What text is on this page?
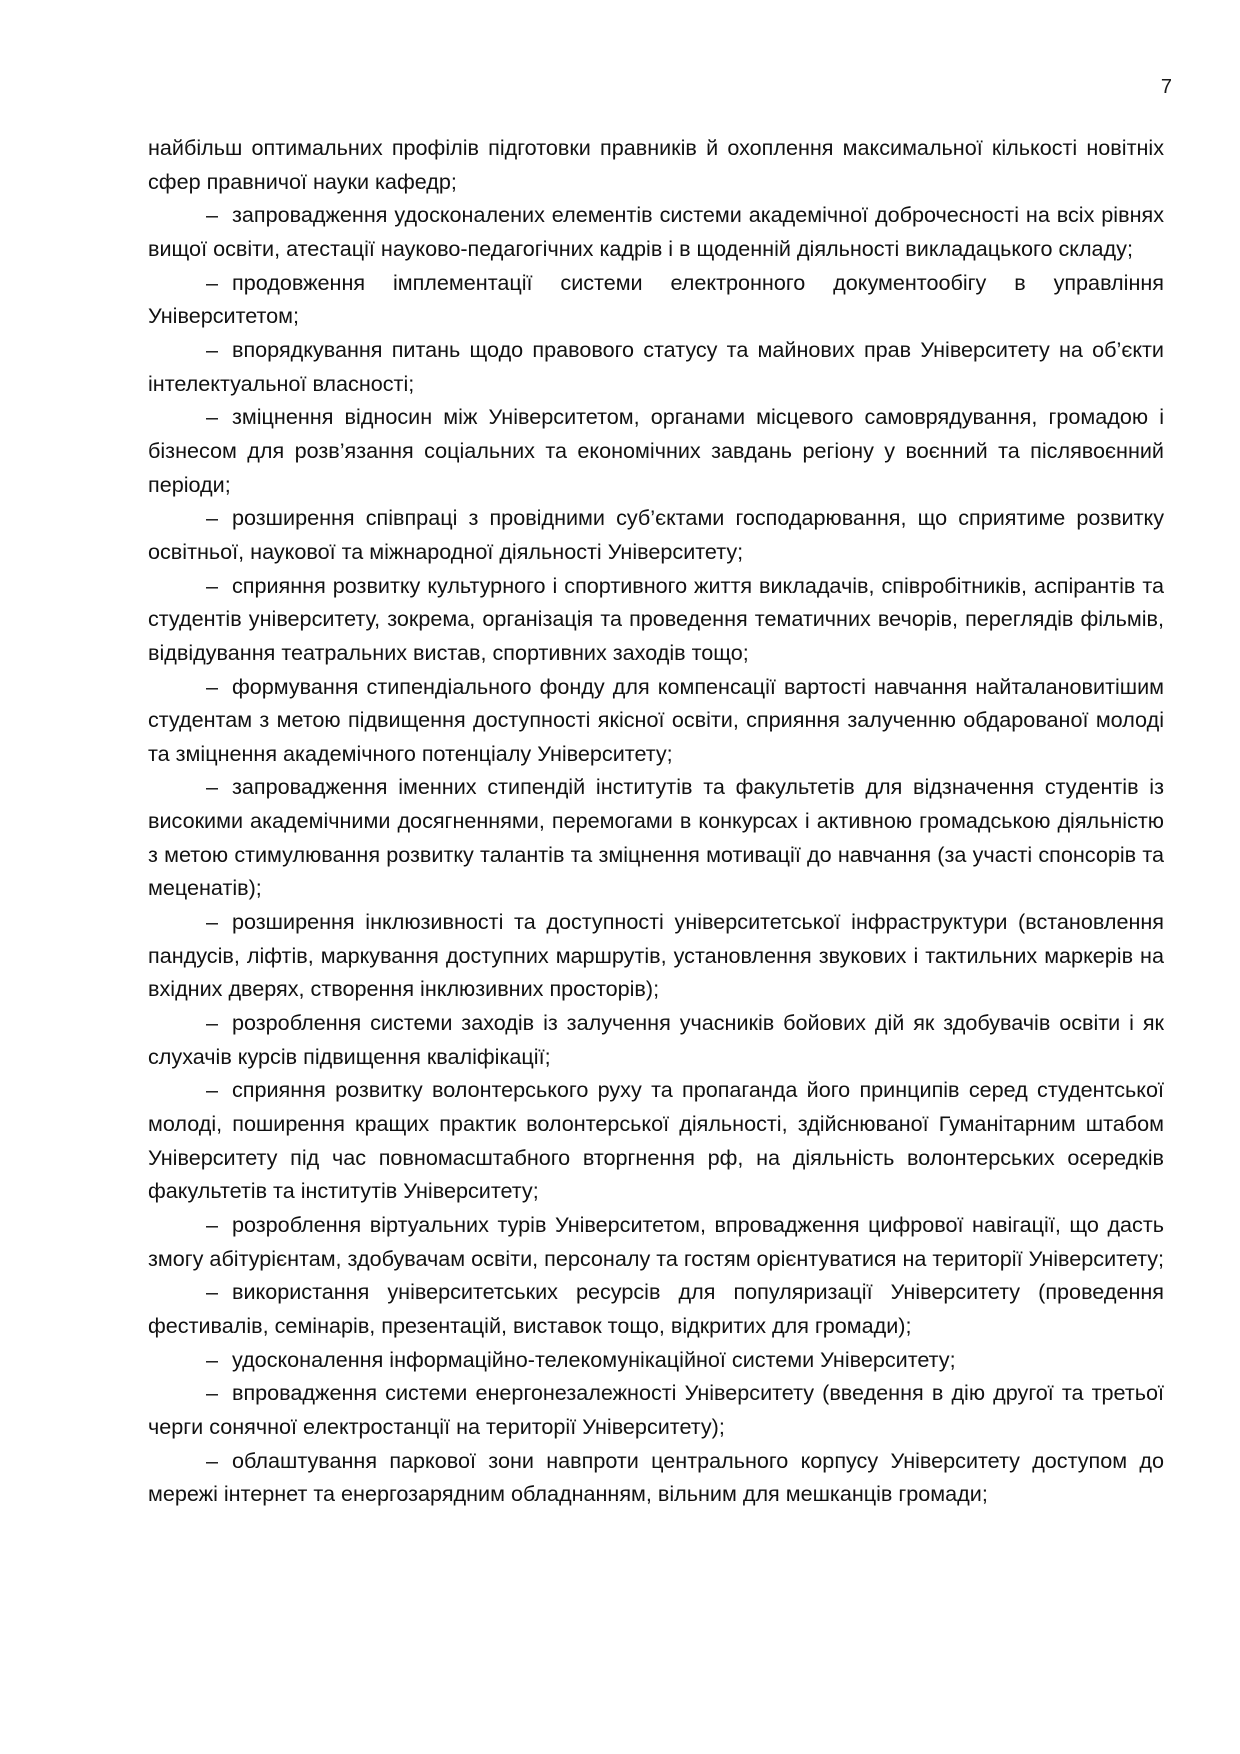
7

найбільш оптимальних профілів підготовки правників й охоплення максимальної кількості новітніх сфер правничої науки кафедр;

– запровадження удосконалених елементів системи академічної доброчесності на всіх рівнях вищої освіти, атестації науково-педагогічних кадрів і в щоденній діяльності викладацького складу;

– продовження імплементації системи електронного документообігу в управління Університетом;

– впорядкування питань щодо правового статусу та майнових прав Університету на об’єкти інтелектуальної власності;

– зміцнення відносин між Університетом, органами місцевого самоврядування, громадою і бізнесом для розв’язання соціальних та економічних завдань регіону у воєнний та післявоєнний періоди;

– розширення співпраці з провідними суб’єктами господарювання, що сприятиме розвитку освітньої, наукової та міжнародної діяльності Університету;

– сприяння розвитку культурного і спортивного життя викладачів, співробітників, аспірантів та студентів університету, зокрема, організація та проведення тематичних вечорів, переглядів фільмів, відвідування театральних вистав, спортивних заходів тощо;

– формування стипендіального фонду для компенсації вартості навчання найталановитішим студентам з метою підвищення доступності якісної освіти, сприяння залученню обдарованої молоді та зміцнення академічного потенціалу Університету;

– запровадження іменних стипендій інститутів та факультетів для відзначення студентів із високими академічними досягненнями, перемогами в конкурсах і активною громадською діяльністю з метою стимулювання розвитку талантів та зміцнення мотивації до навчання (за участі спонсорів та меценатів);

– розширення інклюзивності та доступності університетської інфраструктури (встановлення пандусів, ліфтів, маркування доступних маршрутів, установлення звукових і тактильних маркерів на вхідних дверях, створення інклюзивних просторів);

– розроблення системи заходів із залучення учасників бойових дій як здобувачів освіти і як слухачів курсів підвищення кваліфікації;

– сприяння розвитку волонтерського руху та пропаганда його принципів серед студентської молоді, поширення кращих практик волонтерської діяльності, здійснюваної Гуманітарним штабом Університету під час повномасштабного вторгнення рф, на діяльність волонтерських осередків факультетів та інститутів Університету;

– розроблення віртуальних турів Університетом, впровадження цифрової навігації, що дасть змогу абітурієнтам, здобувачам освіти, персоналу та гостям орієнтуватися на території Університету;

– використання університетських ресурсів для популяризації Університету (проведення фестивалів, семінарів, презентацій, виставок тощо, відкритих для громади);

– удосконалення інформаційно-телекомунікаційної системи Університету;

– впровадження системи енергонезалежності Університету (введення в дію другої та третьої черги сонячної електростанції на території Університету);

– облаштування паркової зони навпроти центрального корпусу Університету доступом до мережі інтернет та енергозарядним обладнанням, вільним для мешканців громади;
